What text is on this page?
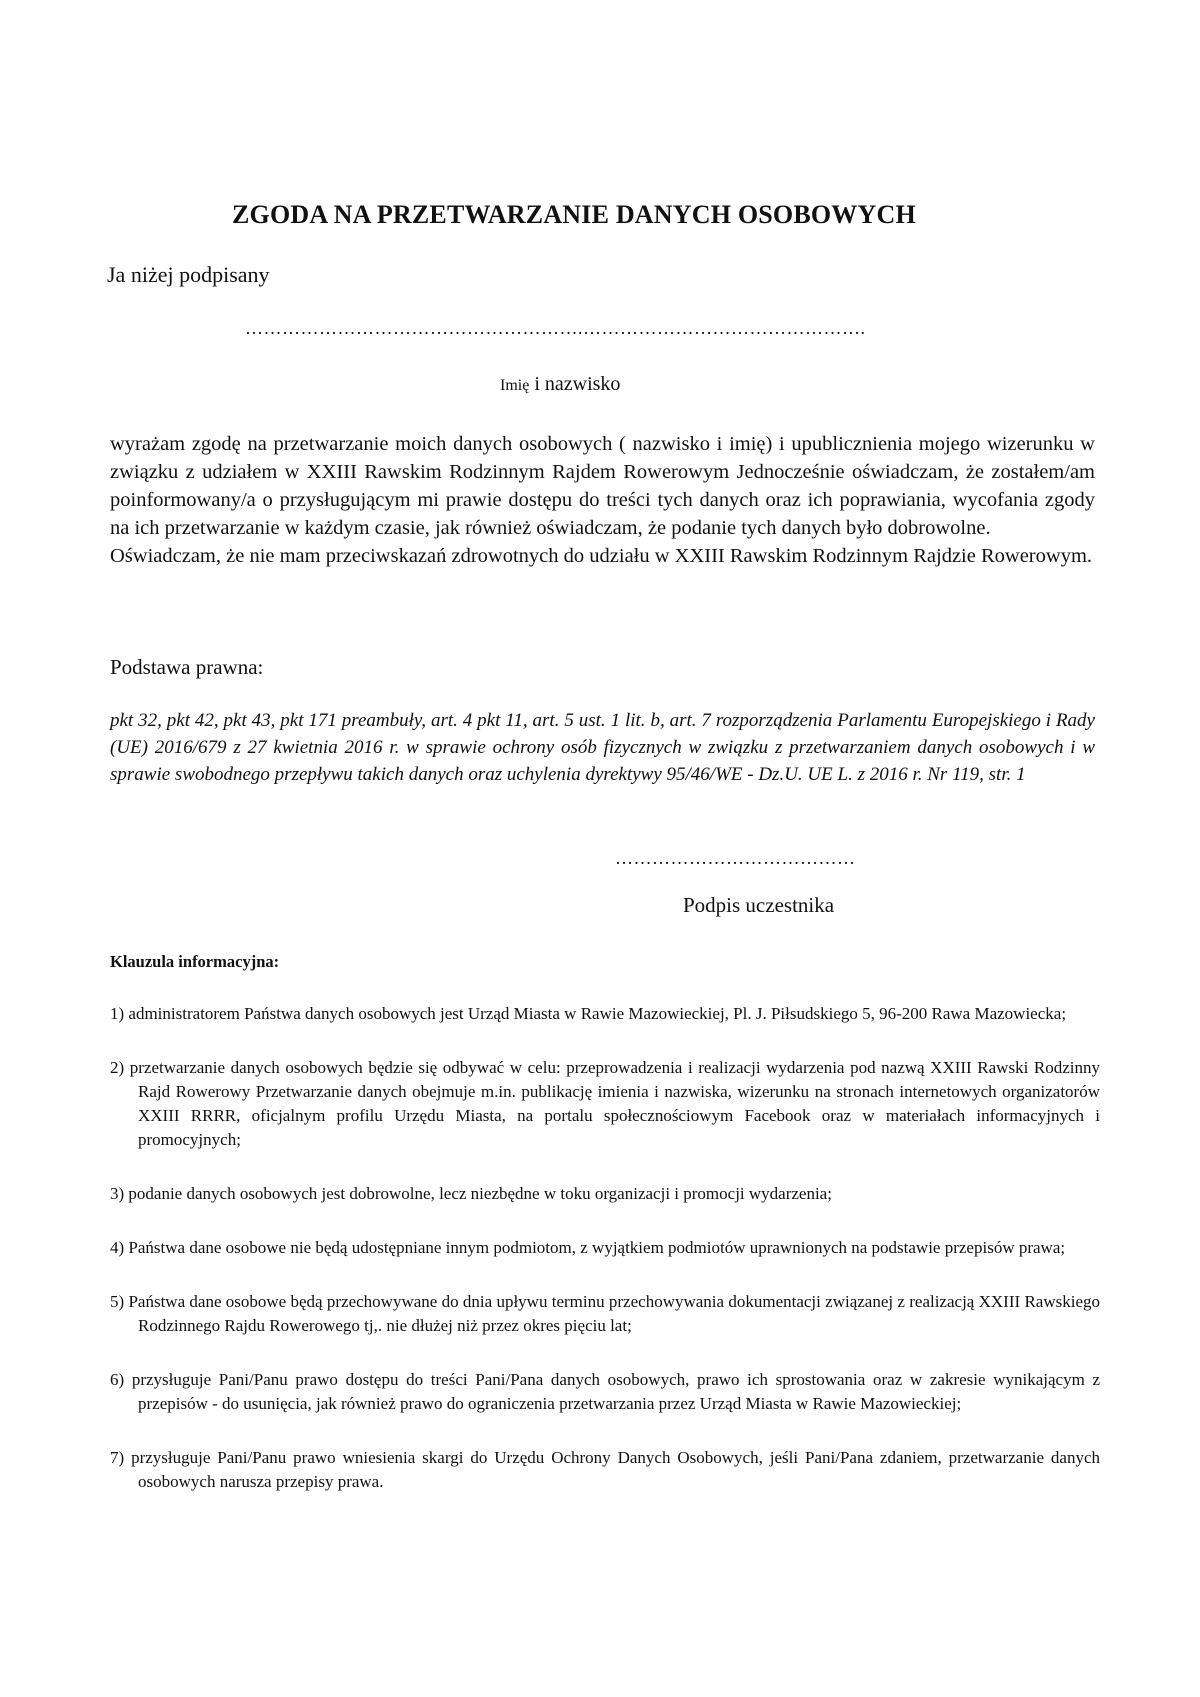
ZGODA NA PRZETWARZANIE DANYCH OSOBOWYCH
Ja niżej podpisany
……………………………………………….……………………………………….
Imię i nazwisko

wyrażam zgodę na przetwarzanie moich danych osobowych ( nazwisko i imię) i upublicznienia mojego wizerunku w związku z udziałem w XXIII Rawskim Rodzinnym Rajdem Rowerowym Jednocześnie oświadczam, że zostałem/am poinformowany/a o przysługującym mi prawie dostępu do treści tych danych oraz ich poprawiania, wycofania zgody na ich przetwarzanie w każdym czasie, jak również oświadczam, że podanie tych danych było dobrowolne.

Oświadczam, że nie mam przeciwskazań zdrowotnych do udziału w XXIII Rawskim Rodzinnym Rajdzie Rowerowym.

Podstawa prawna:
pkt 32, pkt 42, pkt 43, pkt 171 preambuły, art. 4 pkt 11, art. 5 ust. 1 lit. b, art. 7 rozporządzenia Parlamentu Europejskiego i Rady (UE) 2016/679 z 27 kwietnia 2016 r. w sprawie ochrony osób fizycznych w związku z przetwarzaniem danych osobowych i w sprawie swobodnego przepływu takich danych oraz uchylenia dyrektywy 95/46/WE - Dz.U. UE L. z 2016 r. Nr 119, str. 1
…………………………………
Podpis uczestnika
Klauzula informacyjna:

1) administratorem Państwa danych osobowych jest Urząd Miasta w Rawie Mazowieckiej, Pl. J. Piłsudskiego 5, 96-200 Rawa Mazowiecka;

2) przetwarzanie danych osobowych będzie się odbywać w celu: przeprowadzenia i realizacji wydarzenia pod nazwą XXIII Rawski Rodzinny Rajd Rowerowy Przetwarzanie danych obejmuje m.in. publikację imienia i nazwiska, wizerunku na stronach internetowych organizatorów XXIII RRRR, oficjalnym profilu Urzędu Miasta, na portalu społecznościowym Facebook oraz w materiałach informacyjnych i promocyjnych;

3) podanie danych osobowych jest dobrowolne, lecz niezbędne w toku organizacji i promocji wydarzenia;

4) Państwa dane osobowe nie będą udostępniane innym podmiotom, z wyjątkiem podmiotów uprawnionych na podstawie przepisów prawa;

5) Państwa dane osobowe będą przechowywane do dnia upływu terminu przechowywania dokumentacji związanej z realizacją XXIII Rawskiego Rodzinnego Rajdu Rowerowego tj,. nie dłużej niż przez okres pięciu lat;

6) przysługuje Pani/Panu prawo dostępu do treści Pani/Pana danych osobowych, prawo ich sprostowania oraz w zakresie wynikającym z przepisów - do usunięcia, jak również prawo do ograniczenia przetwarzania przez Urząd Miasta w Rawie Mazowieckiej;

7) przysługuje Pani/Panu prawo wniesienia skargi do Urzędu Ochrony Danych Osobowych, jeśli Pani/Pana zdaniem, przetwarzanie danych osobowych narusza przepisy prawa.
